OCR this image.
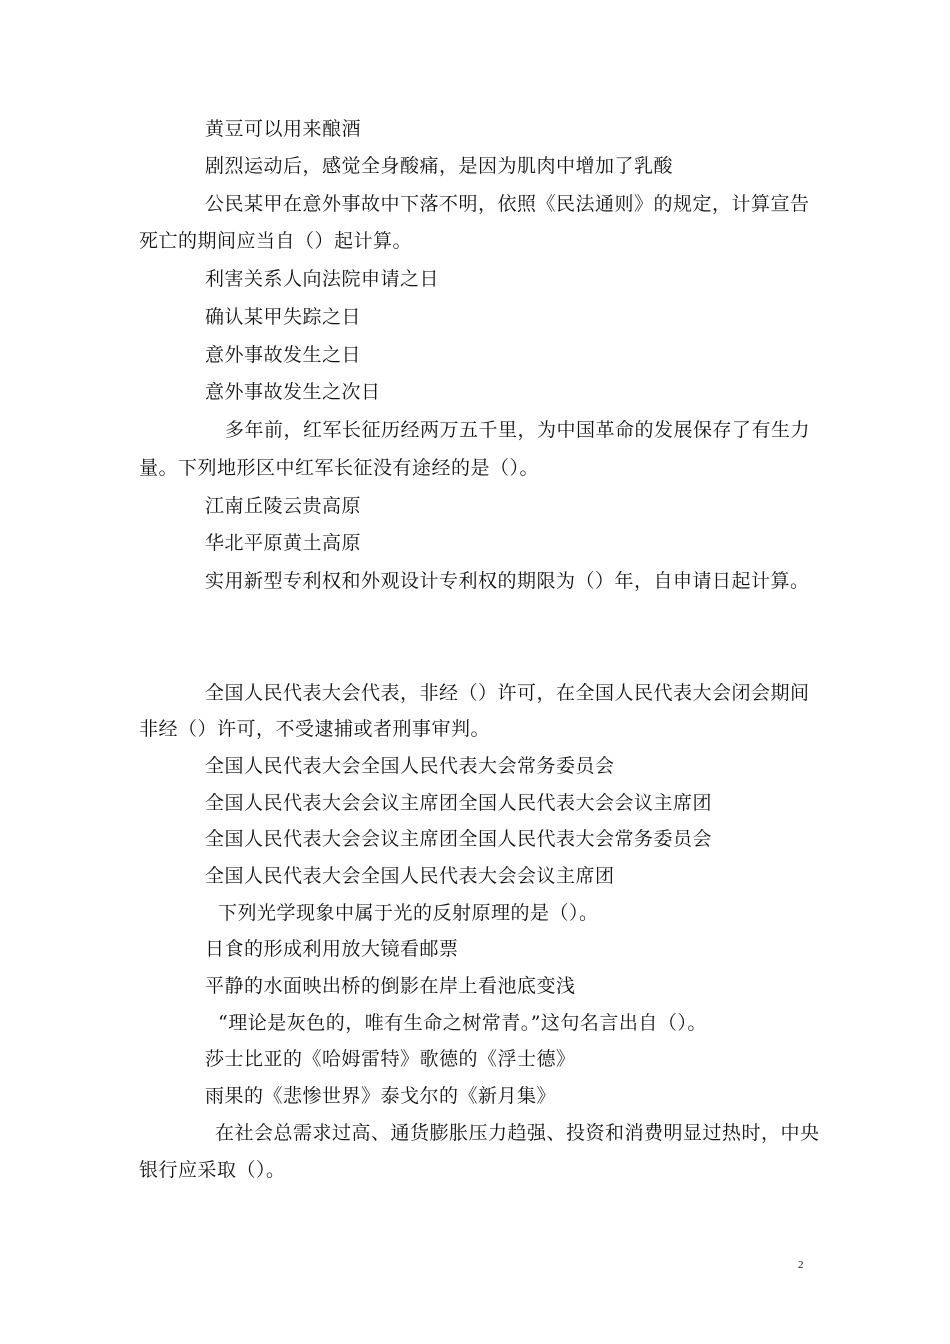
黄豆可以用来酿酒
剧烈运动后，感觉全身酸痛，是因为肌肉中增加了乳酸
公民某甲在意外事故中下落不明，依照《民法通则》的规定，计算宣告
死亡的期间应当自（）起计算。
利害关系人向法院申请之日
确认某甲失踪之日
意外事故发生之日
意外事故发生之次日
多年前，红军长征历经两万五千里，为中国革命的发展保存了有生力
量。下列地形区中红军长征没有途经的是（）。
江南丘陵云贵高原
华北平原黄土高原
实用新型专利权和外观设计专利权的期限为（）年，自申请日起计算。
全国人民代表大会代表，非经（）许可，在全国人民代表大会闭会期间
非经（）许可，不受逮捕或者刑事审判。
全国人民代表大会全国人民代表大会常务委员会
全国人民代表大会会议主席团全国人民代表大会会议主席团
全国人民代表大会会议主席团全国人民代表大会常务委员会
全国人民代表大会全国人民代表大会会议主席团
下列光学现象中属于光的反射原理的是（）。
日食的形成利用放大镜看邮票
平静的水面映出桥的倒影在岸上看池底变浅
“理论是灰色的，唯有生命之树常青。”这句名言出自（）。
莎士比亚的《哈姆雷特》歌德的《浮士德》
雨果的《悲惨世界》泰戈尔的《新月集》
在社会总需求过高、通货膨胀压力趋强、投资和消费明显过热时，中央
银行应采取（）。
2
